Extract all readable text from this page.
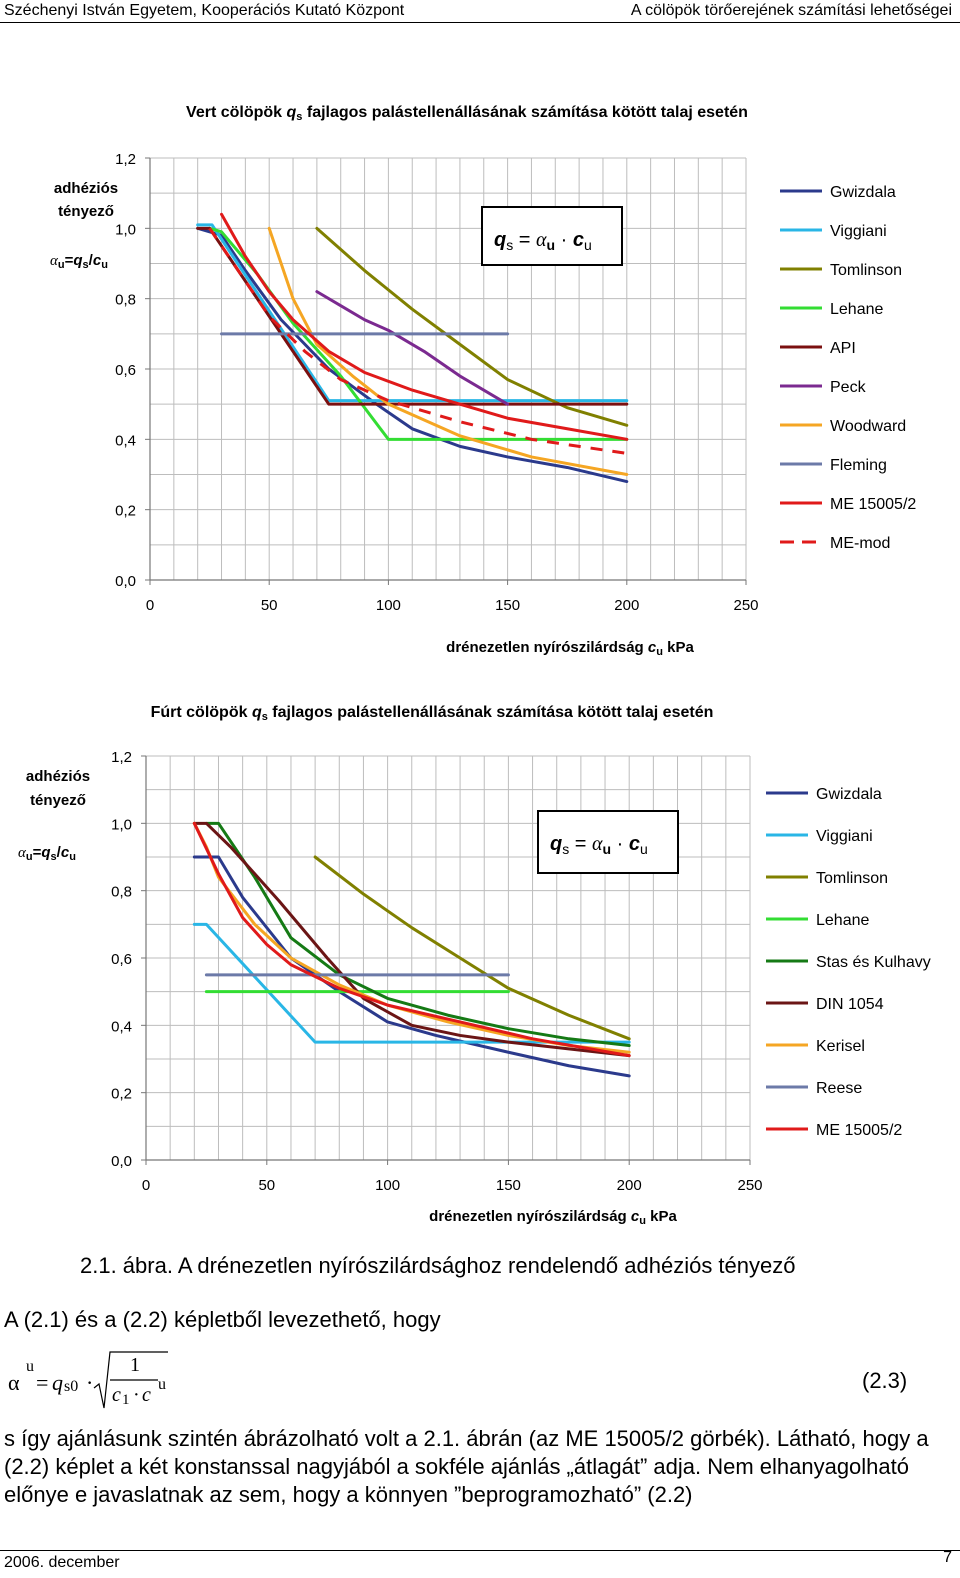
Széchenyi István Egyetem, Kooperációs Kutató Központ	A cölöpök törőerejének számítási lehetőségei
Vert cölöpök qs fajlagos palástellenállásának számítása kötött talaj esetén
0,0
0,2
0,4
0,6
0,8
1,0
1,2
0	50	100	150	200	250
adhéziós
tényező
$\alpha_u=q_s/c_u$
$q_s = \alpha_u \cdot c_u$
drénezetlen nyírószilárdság $c_u$ kPa
Gwizdala
Viggiani
Tomlinson
Lehane
API
Peck
Woodward
Fleming
ME 15005/2
ME-mod
Fúrt cölöpök qs fajlagos palástellenállásának számítása kötött talaj esetén
0,0
0,2
0,4
0,6
0,8
1,0
1,2
0	50	100	150	200	250
adhéziós
tényező
$\alpha_u=q_s/c_u$
$q_s = \alpha_u \cdot c_u$
drénezetlen nyírószilárdság $c_u$ kPa
Gwizdala
Viggiani
Tomlinson
Lehane
Stas és Kulhavy
DIN 1054
Kerisel
Reese
ME 15005/2
2.1. ábra. A drénezetlen nyírószilárdsághoz rendelendő adhéziós tényező
A (2.1) és a (2.2) képletből levezethető, hogy
α
u
= q s0 ·
1
c 1 · c u	(2.3)
s így ajánlásunk szintén ábrázolható volt a 2.1. ábrán (az ME 15005/2 görbék). Látható, hogy a (2.2) képlet a két konstanssal nagyjából a sokféle ajánlás „átlagát” adja. Nem elhanyagolható előnye e javaslatnak az sem, hogy a könnyen ”beprogramozható” (2.2)
2006. december	7
